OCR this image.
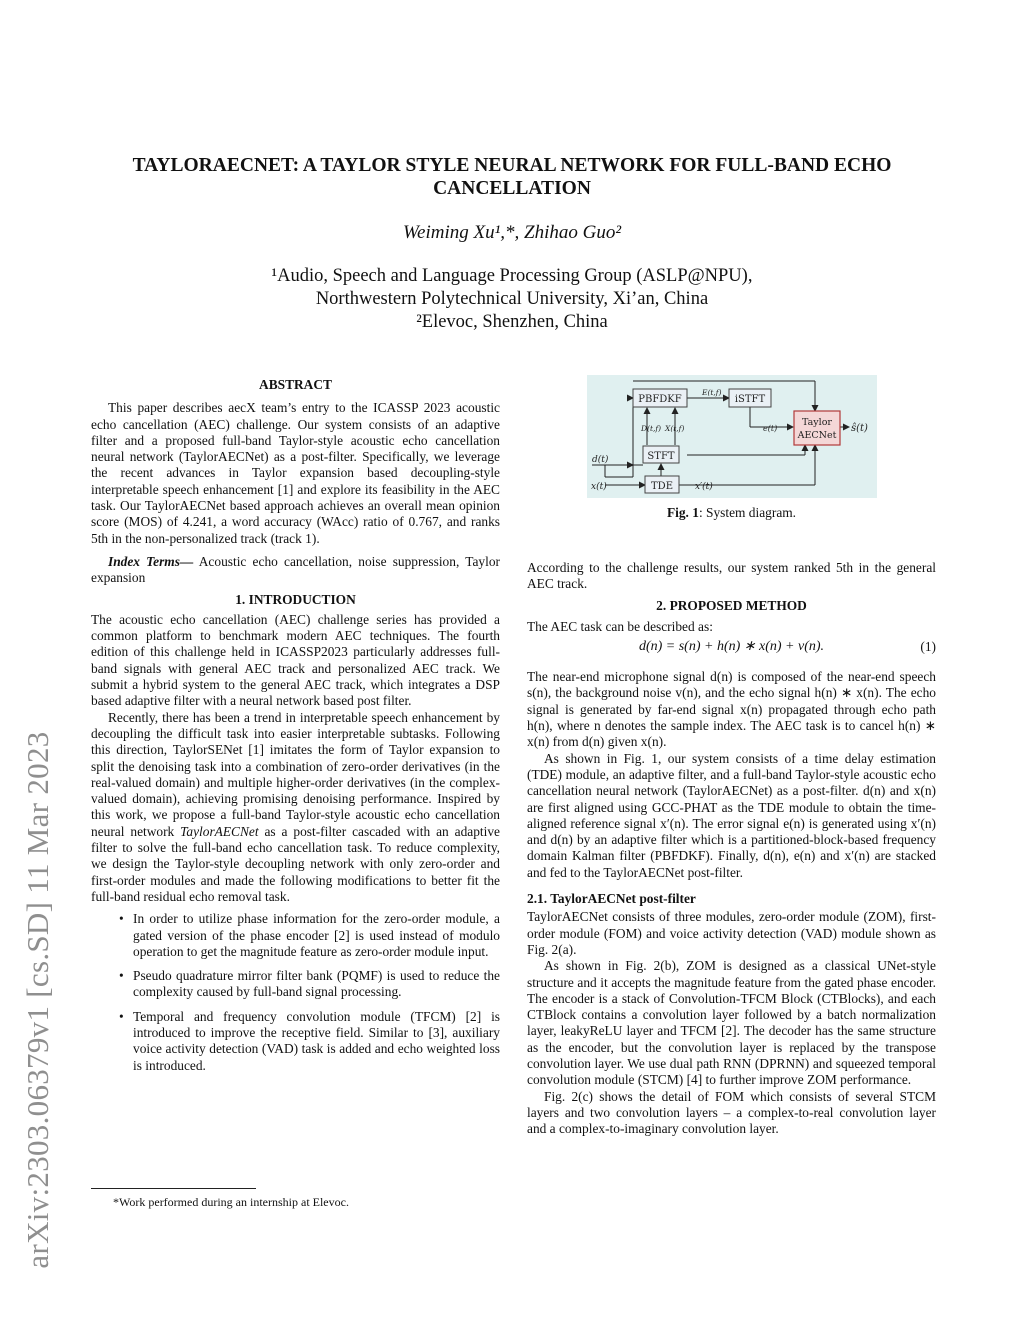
arXiv:2303.06379v1 [cs.SD] 11 Mar 2023
TAYLORAECNET: A TAYLOR STYLE NEURAL NETWORK FOR FULL-BAND ECHO
CANCELLATION
Weiming Xu¹,*, Zhihao Guo²
¹Audio, Speech and Language Processing Group (ASLP@NPU),
Northwestern Polytechnical University, Xi’an, China
²Elevoc, Shenzhen, China
ABSTRACT

This paper describes aecX team’s entry to the ICASSP 2023 acoustic echo cancellation (AEC) challenge. Our system consists of an adaptive filter and a proposed full-band Taylor-style acoustic echo cancellation neural network (TaylorAECNet) as a post-filter. Specifically, we leverage the recent advances in Taylor expansion based decoupling-style interpretable speech enhancement [1] and explore its feasibility in the AEC task. Our TaylorAECNet based approach achieves an overall mean opinion score (MOS) of 4.241, a word accuracy (WAcc) ratio of 0.767, and ranks 5th in the non-personalized track (track 1).

Index Terms— Acoustic echo cancellation, noise suppression, Taylor expansion

1. INTRODUCTION

The acoustic echo cancellation (AEC) challenge series has provided a common platform to benchmark modern AEC techniques. The fourth edition of this challenge held in ICASSP2023 particularly addresses full-band signals with general AEC track and personalized AEC track. We submit a hybrid system to the general AEC track, which integrates a DSP based adaptive filter with a neural network based post filter.

Recently, there has been a trend in interpretable speech enhancement by decoupling the difficult task into easier interpretable subtasks. Following this direction, TaylorSENet [1] imitates the form of Taylor expansion to split the denoising task into a combination of zero-order derivatives (in the real-valued domain) and multiple higher-order derivatives (in the complex-valued domain), achieving promising denoising performance. Inspired by this work, we propose a full-band Taylor-style acoustic echo cancellation neural network TaylorAECNet as a post-filter cascaded with an adaptive filter to solve the full-band echo cancellation task. To reduce complexity, we design the Taylor-style decoupling network with only zero-order and first-order modules and made the following modifications to better fit the full-band residual echo removal task.

• In order to utilize phase information for the zero-order module, a gated version of the phase encoder [2] is used instead of modulo operation to get the magnitude feature as zero-order module input.
• Pseudo quadrature mirror filter bank (PQMF) is used to reduce the complexity caused by full-band signal processing.
• Temporal and frequency convolution module (TFCM) [2] is introduced to improve the receptive field. Similar to [3], auxiliary voice activity detection (VAD) task is added and echo weighted loss is introduced.
*Work performed during an internship at Elevoc.
PBFDKF	iSTFT
STFT
TDE
Taylor
AECNet
E(t,f)
D(t,f) X(t,f)	e(t)
d(t)
x(t)	x′(t)
ŝ(t)
Fig. 1: System diagram.

According to the challenge results, our system ranked 5th in the general AEC track.

2. PROPOSED METHOD

The AEC task can be described as:

d(n) = s(n) + h(n) ∗ x(n) + v(n).	(1)

The near-end microphone signal d(n) is composed of the near-end speech s(n), the background noise v(n), and the echo signal h(n) ∗ x(n). The echo signal is generated by far-end signal x(n) propagated through echo path h(n), where n denotes the sample index. The AEC task is to cancel h(n) ∗ x(n) from d(n) given x(n).

As shown in Fig. 1, our system consists of a time delay estimation (TDE) module, an adaptive filter, and a full-band Taylor-style acoustic echo cancellation neural network (TaylorAECNet) as a post-filter. d(n) and x(n) are first aligned using GCC-PHAT as the TDE module to obtain the time-aligned reference signal x′(n). The error signal e(n) is generated using x′(n) and d(n) by an adaptive filter which is a partitioned-block-based frequency domain Kalman filter (PBFDKF). Finally, d(n), e(n) and x′(n) are stacked and fed to the TaylorAECNet post-filter.

2.1. TaylorAECNet post-filter

TaylorAECNet consists of three modules, zero-order module (ZOM), first-order module (FOM) and voice activity detection (VAD) module shown as Fig. 2(a).

As shown in Fig. 2(b), ZOM is designed as a classical UNet-style structure and it accepts the magnitude feature from the gated phase encoder. The encoder is a stack of Convolution-TFCM Block (CTBlocks), and each CTBlock contains a convolution layer followed by a batch normalization layer, leakyReLU layer and TFCM [2]. The decoder has the same structure as the encoder, but the convolution layer is replaced by the transpose convolution layer. We use dual path RNN (DPRNN) and squeezed temporal convolution module (STCM) [4] to further improve ZOM performance.

Fig. 2(c) shows the detail of FOM which consists of several STCM layers and two convolution layers – a complex-to-real convolution layer and a complex-to-imaginary convolution layer.
